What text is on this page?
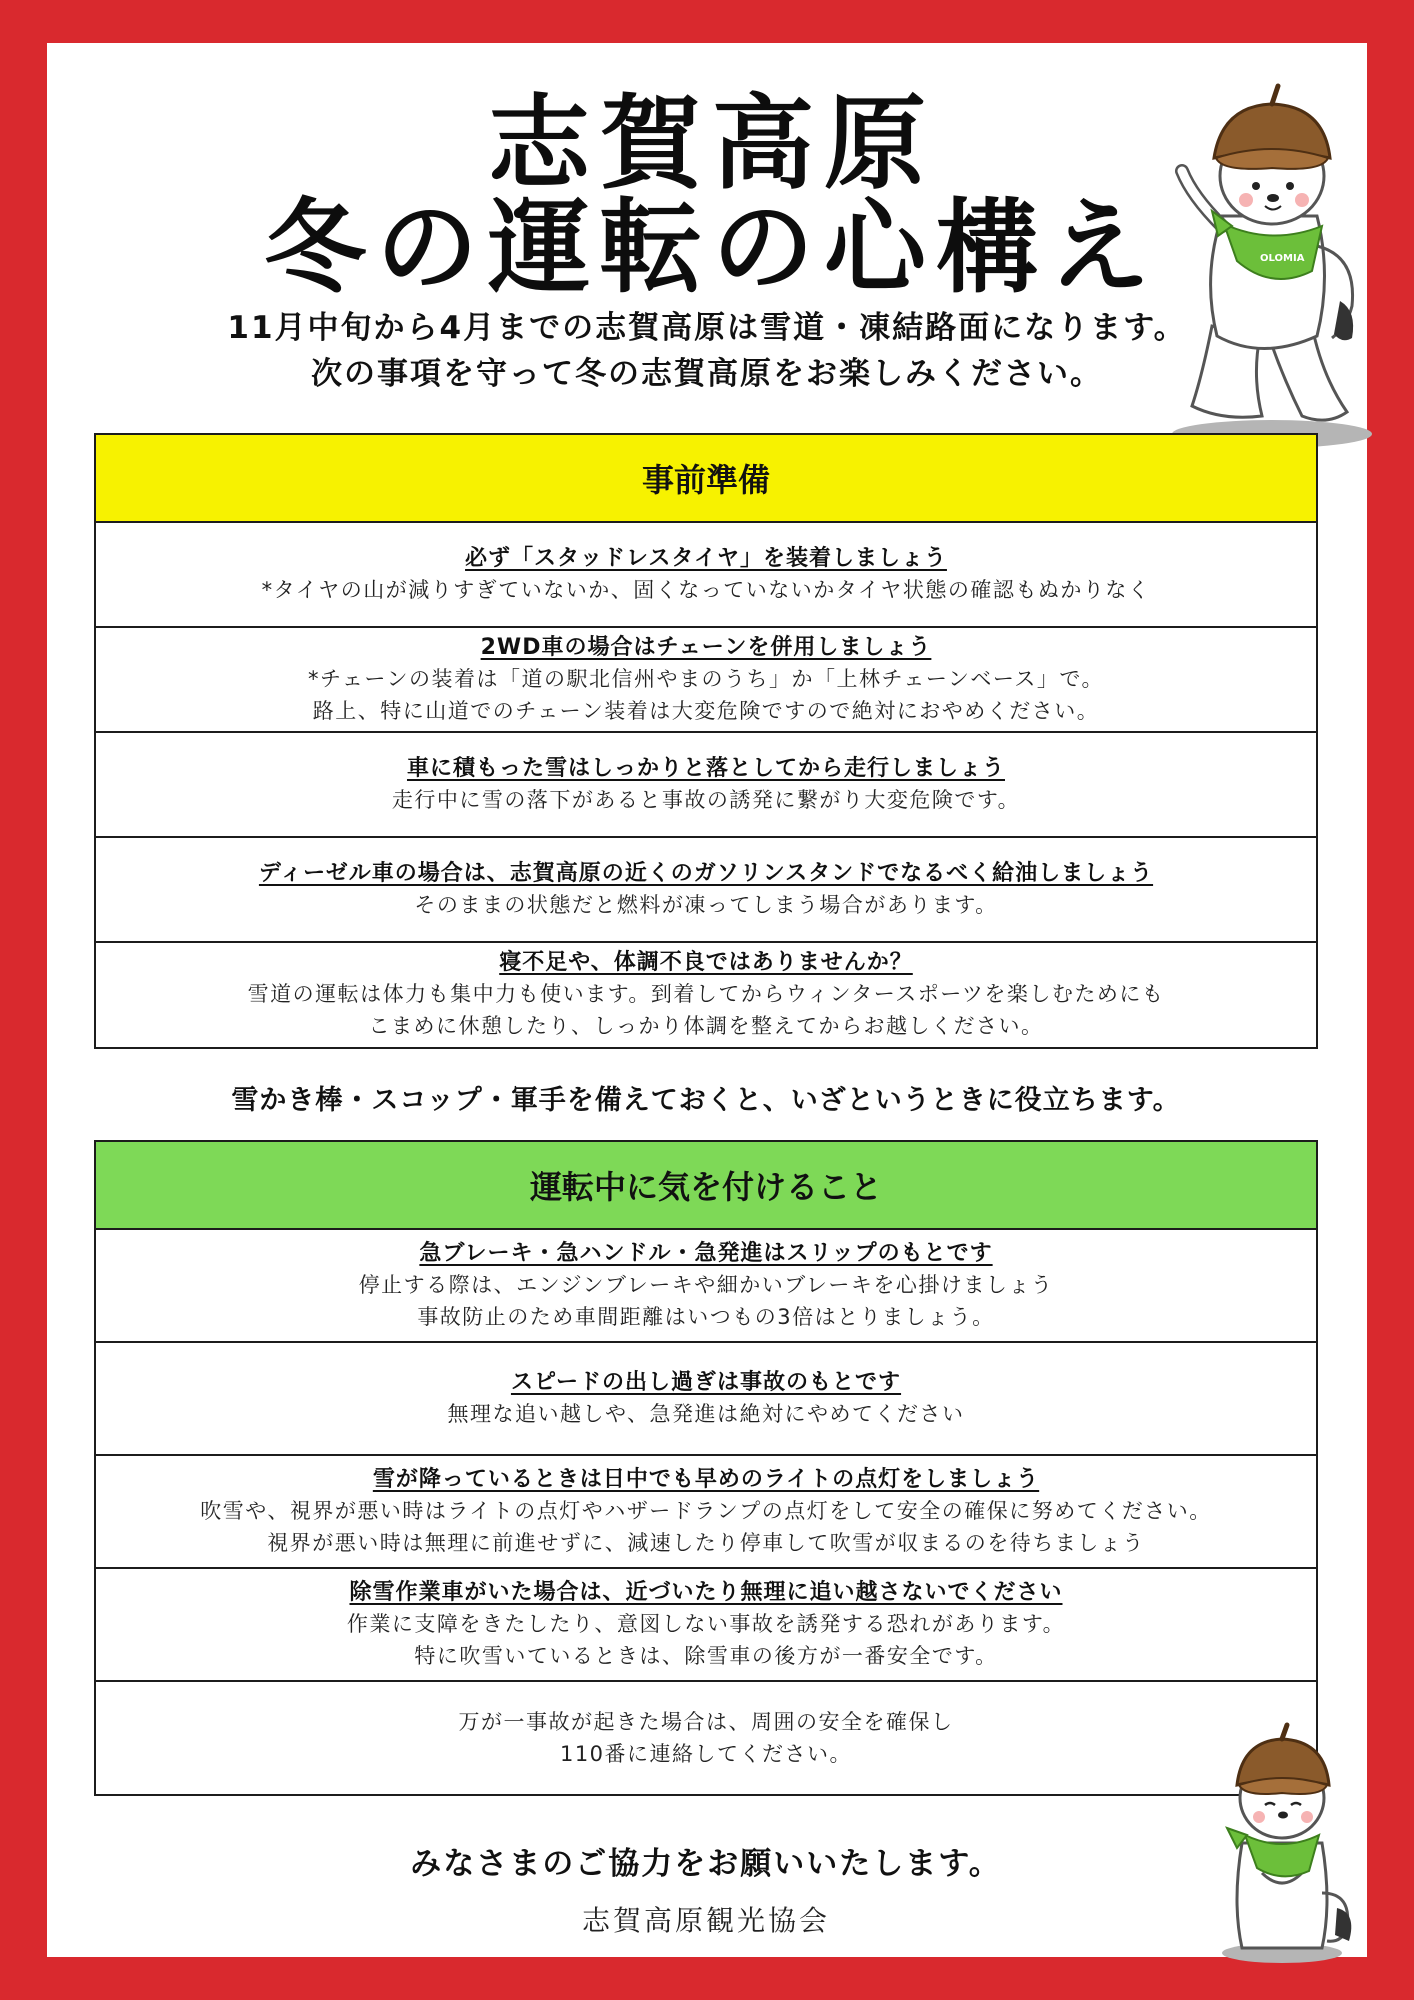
志賀高原
冬の運転の心構え
11月中旬から4月までの志賀高原は雪道・凍結路面になります。
次の事項を守って冬の志賀高原をお楽しみください。
OLOMIA
事前準備
必ず「スタッドレスタイヤ」を装着しましょう
*タイヤの山が減りすぎていないか、固くなっていないかタイヤ状態の確認もぬかりなく
2WD車の場合はチェーンを併用しましょう
*チェーンの装着は「道の駅北信州やまのうち」か「上林チェーンベース」で。
路上、特に山道でのチェーン装着は大変危険ですので絶対におやめください。
車に積もった雪はしっかりと落としてから走行しましょう
走行中に雪の落下があると事故の誘発に繋がり大変危険です。
ディーゼル車の場合は、志賀高原の近くのガソリンスタンドでなるべく給油しましょう
そのままの状態だと燃料が凍ってしまう場合があります。
寝不足や、体調不良ではありませんか？
雪道の運転は体力も集中力も使います。到着してからウィンタースポーツを楽しむためにも
こまめに休憩したり、しっかり体調を整えてからお越しください。
雪かき棒・スコップ・軍手を備えておくと、いざというときに役立ちます。
運転中に気を付けること
急ブレーキ・急ハンドル・急発進はスリップのもとです
停止する際は、エンジンブレーキや細かいブレーキを心掛けましょう
事故防止のため車間距離はいつもの3倍はとりましょう。
スピードの出し過ぎは事故のもとです
無理な追い越しや、急発進は絶対にやめてください
雪が降っているときは日中でも早めのライトの点灯をしましょう
吹雪や、視界が悪い時はライトの点灯やハザードランプの点灯をして安全の確保に努めてください。
視界が悪い時は無理に前進せずに、減速したり停車して吹雪が収まるのを待ちましょう
除雪作業車がいた場合は、近づいたり無理に追い越さないでください
作業に支障をきたしたり、意図しない事故を誘発する恐れがあります。
特に吹雪いているときは、除雪車の後方が一番安全です。
万が一事故が起きた場合は、周囲の安全を確保し
110番に連絡してください。
みなさまのご協力をお願いいたします。
志賀高原観光協会
